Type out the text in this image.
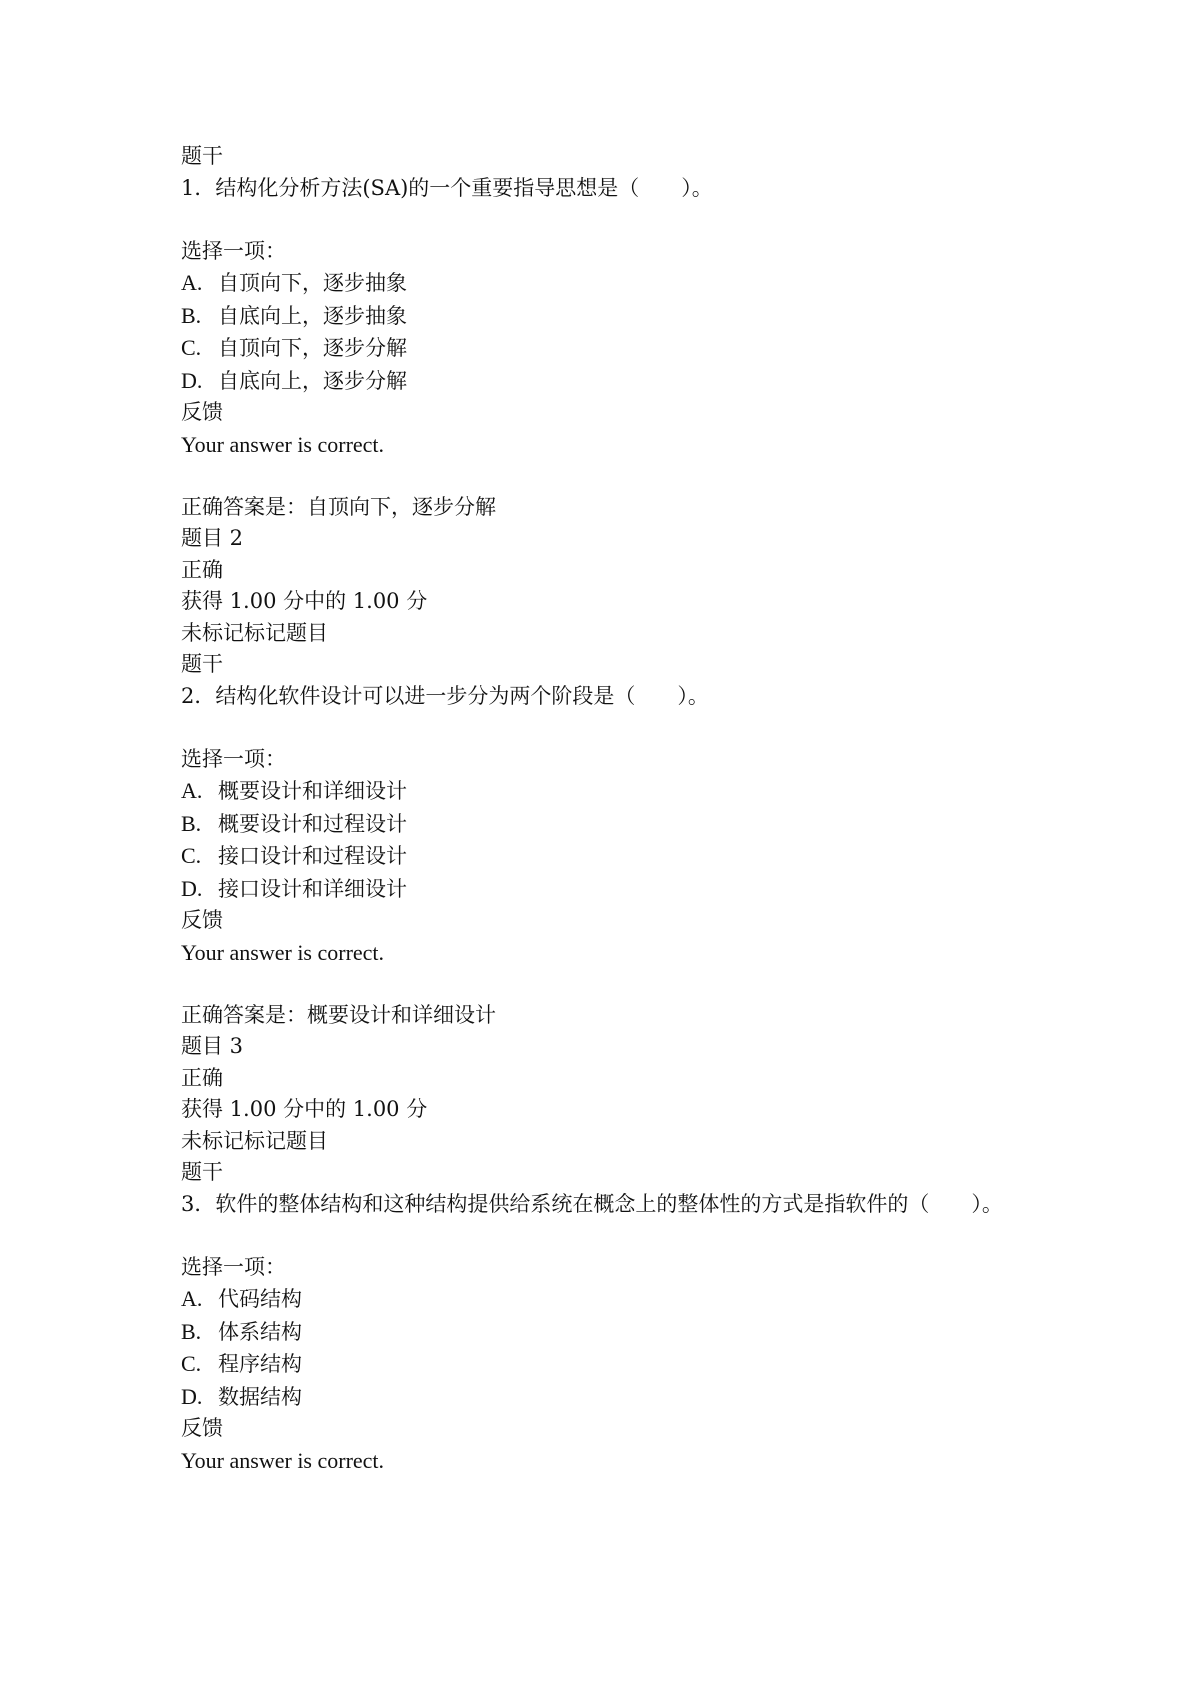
题干
1．结构化分析方法(SA)的一个重要指导思想是（　　）。
选择一项：
A. 自顶向下，逐步抽象
B. 自底向上，逐步抽象
C. 自顶向下，逐步分解
D. 自底向上，逐步分解
反馈
Your answer is correct.
正确答案是：自顶向下，逐步分解
题目 2
正确
获得 1.00 分中的 1.00 分
未标记标记题目
题干
2．结构化软件设计可以进一步分为两个阶段是（　　）。
选择一项：
A. 概要设计和详细设计
B. 概要设计和过程设计
C. 接口设计和过程设计
D. 接口设计和详细设计
反馈
Your answer is correct.
正确答案是：概要设计和详细设计
题目 3
正确
获得 1.00 分中的 1.00 分
未标记标记题目
题干
3．软件的整体结构和这种结构提供给系统在概念上的整体性的方式是指软件的（　　）。
选择一项：
A. 代码结构
B. 体系结构
C. 程序结构
D. 数据结构
反馈
Your answer is correct.
